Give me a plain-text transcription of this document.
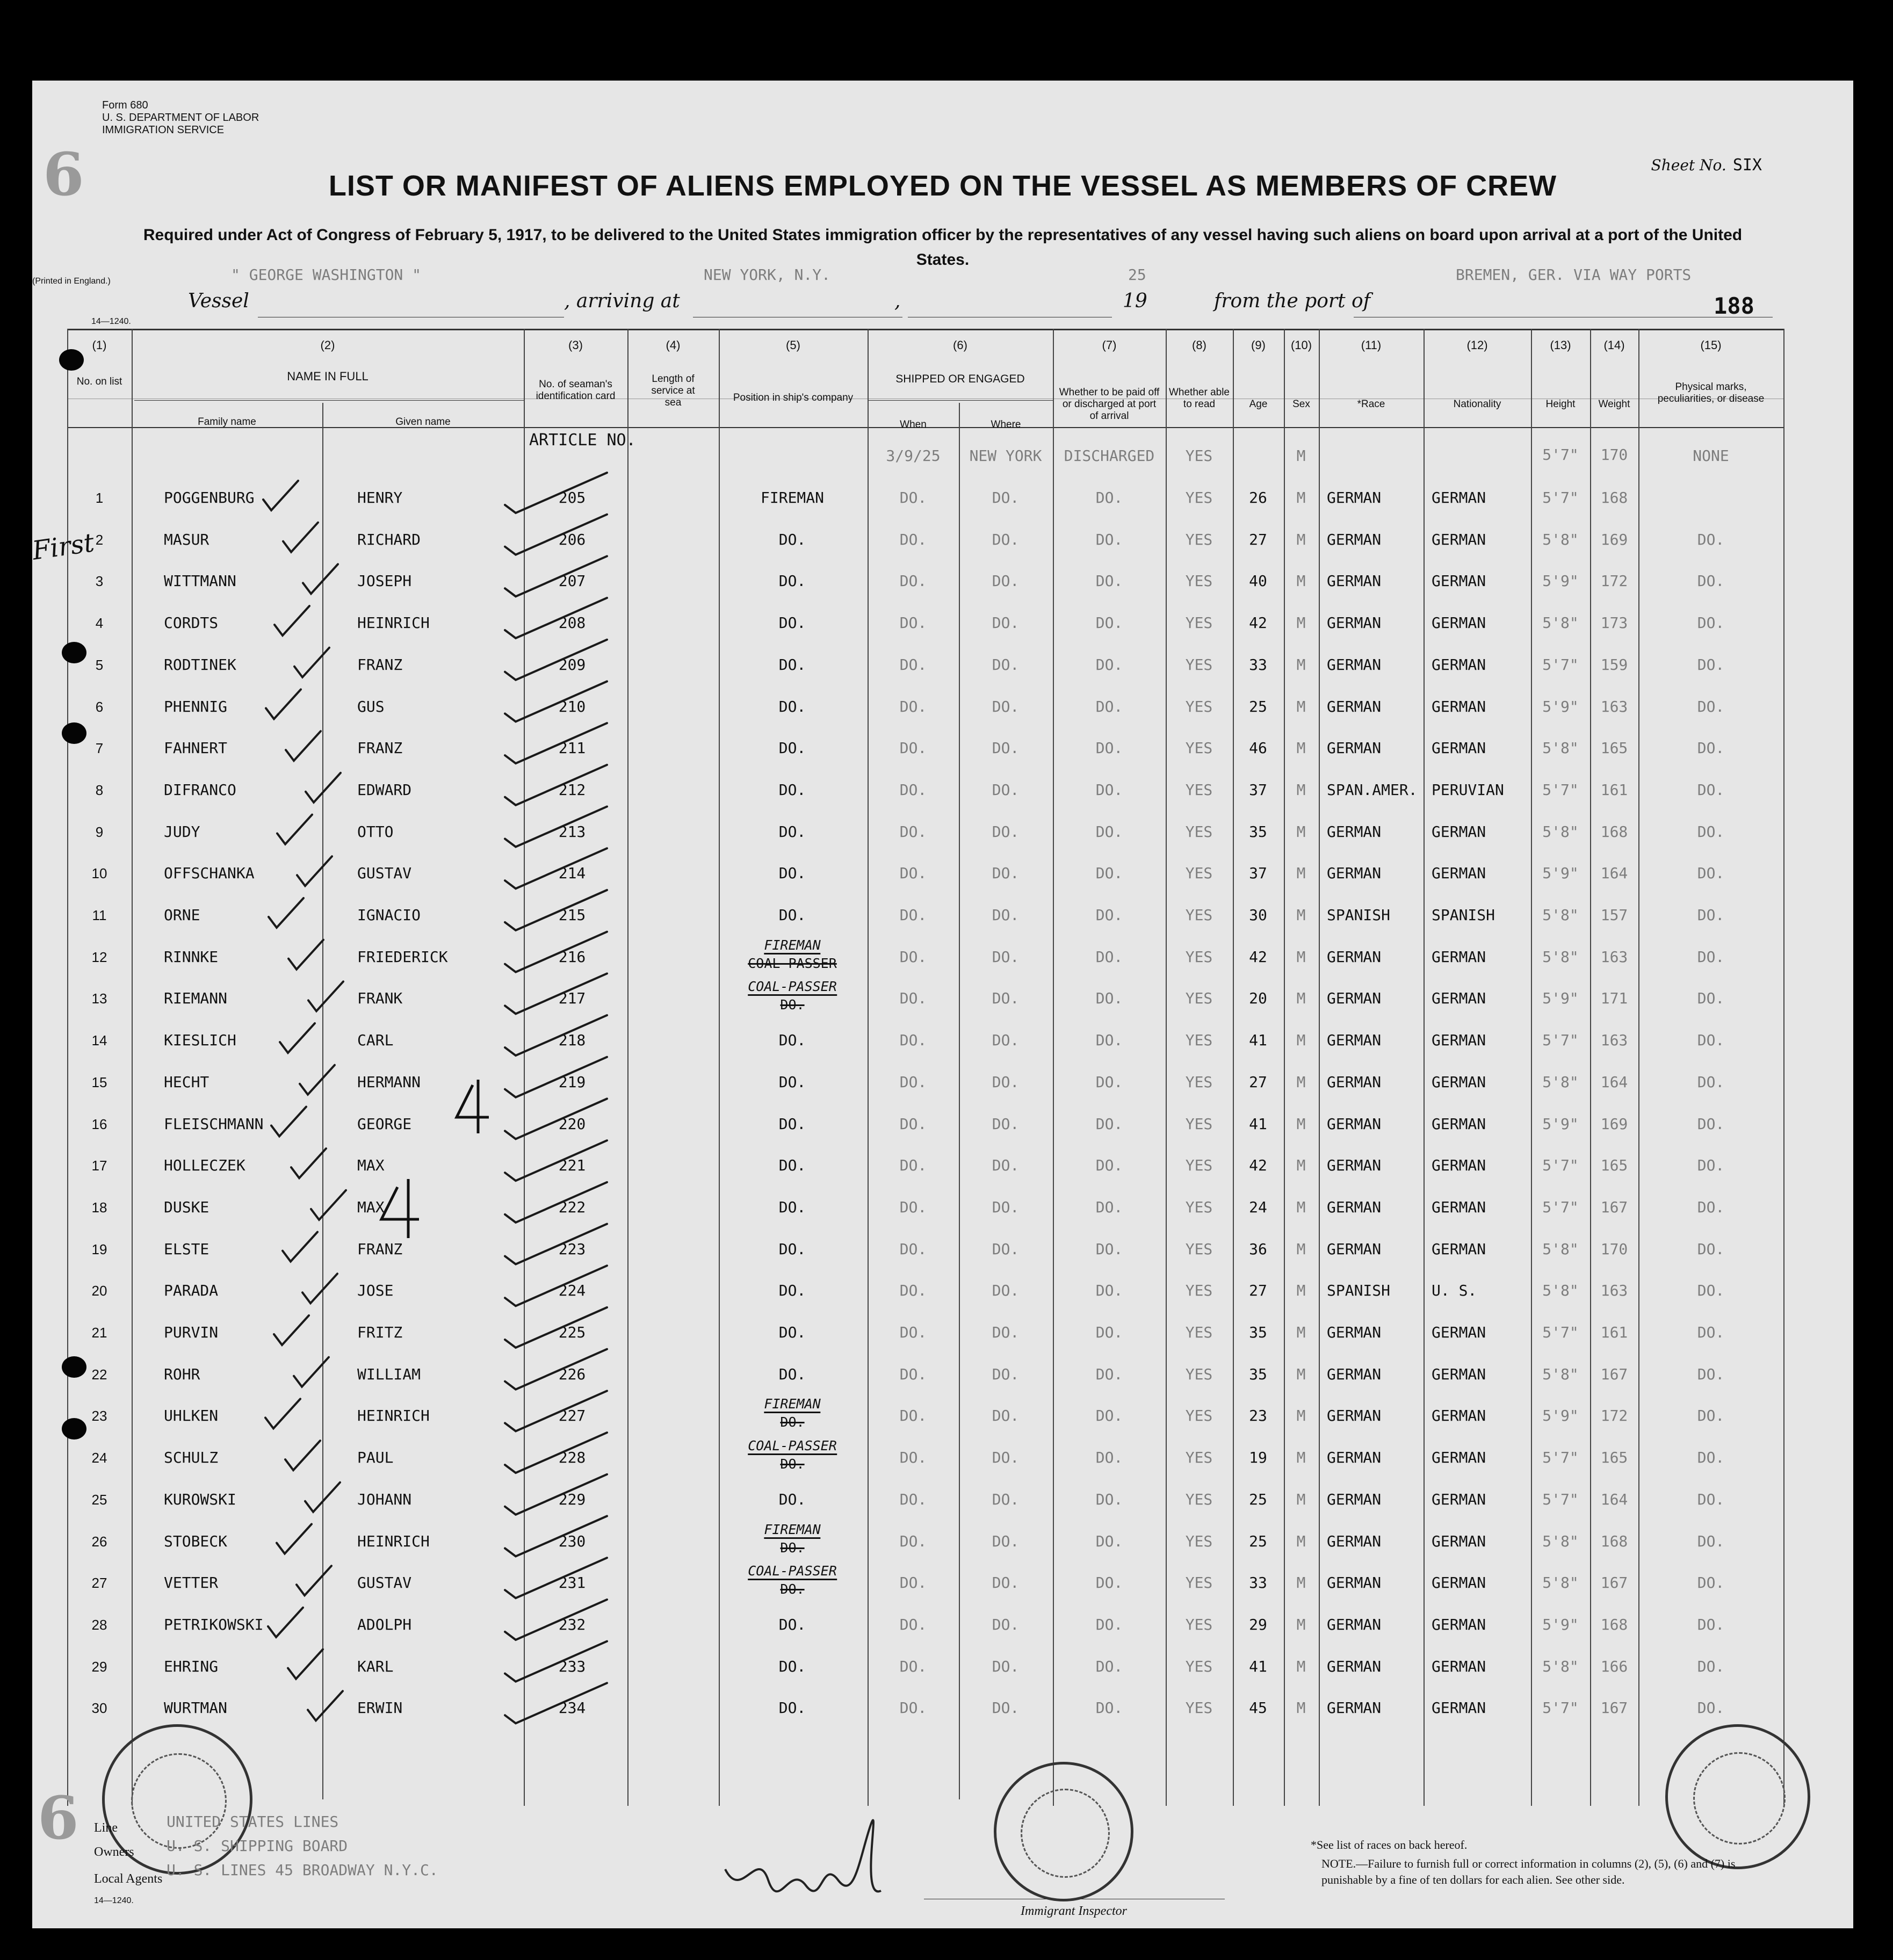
Form 680
U. S. DEPARTMENT OF LABOR
IMMIGRATION SERVICE
6
(Printed in England.)
14—1240.
Sheet No. SIX
LIST OR MANIFEST OF ALIENS EMPLOYED ON THE VESSEL AS MEMBERS OF CREW
Required under Act of Congress of February 5, 1917, to be delivered to the United States immigration officer by the representatives of any vessel having such aliens on board upon arrival at a port of the United States.
" GEORGE WASHINGTON "	NEW YORK, N.Y.	25	BREMEN, GER. VIA WAY PORTS
Vessel	, arriving at	,	19	from the port of	188
(1)
No. on list
(2)
NAME IN FULL
Family name	Given name
(3)
No. of seaman's identification card
(4)
Length of service at sea
(5)
Position in ship's company
(6)
SHIPPED OR ENGAGED
When	Where
(7)
Whether to be paid off or discharged at port of arrival
(8)
Whether able to read
(9)
Age
(10)
Sex
(11)
*Race
(12)
Nationality
(13)
Height
(14)
Weight
(15)
Physical marks, peculiarities, or disease
ARTICLE NO.
3/9/25 NEW YORK DISCHARGED YES	M	5'7" 170	NONE
1	POGGENBURG	HENRY	205	FIREMAN	DO.	DO.	DO.	YES 26 M GERMAN	GERMAN	5'7" 168
2	MASUR	RICHARD	206	DO.	DO.	DO.	DO.	YES 27 M GERMAN	GERMAN	5'8" 169	DO.
3	WITTMANN	JOSEPH	207	DO.	DO.	DO.	DO.	YES 40 M GERMAN	GERMAN	5'9" 172	DO.
4	CORDTS	HEINRICH	208	DO.	DO.	DO.	DO.	YES 42 M GERMAN	GERMAN	5'8" 173	DO.
5	RODTINEK	FRANZ	209	DO.	DO.	DO.	DO.	YES 33 M GERMAN	GERMAN	5'7" 159	DO.
6	PHENNIG	GUS	210	DO.	DO.	DO.	DO.	YES 25 M GERMAN	GERMAN	5'9" 163	DO.
7	FAHNERT	FRANZ	211	DO.	DO.	DO.	DO.	YES 46 M GERMAN	GERMAN	5'8" 165	DO.
8	DIFRANCO	EDWARD	212	DO.	DO.	DO.	DO.	YES 37 M SPAN.AMER. PERUVIAN	5'7" 161	DO.
9	JUDY	OTTO	213	DO.	DO.	DO.	DO.	YES 35 M GERMAN	GERMAN	5'8" 168	DO.
10	OFFSCHANKA	GUSTAV	214	DO.	DO.	DO.	DO.	YES 37 M GERMAN	GERMAN	5'9" 164	DO.
11	ORNE	IGNACIO	215	DO.	DO.	DO.	DO.	YES 30 M SPANISH	SPANISH	5'8" 157	DO.
12	RINNKE	FRIEDERICK	216	COAL PASSER
FIREMAN
DO.	DO.	DO.	YES 42 M GERMAN	GERMAN	5'8" 163	DO.
13	RIEMANN	FRANK	217	DO.
COAL-PASSER
DO.	DO.	DO.	YES 20 M GERMAN	GERMAN	5'9" 171	DO.
14	KIESLICH	CARL	218	DO.	DO.	DO.	DO.	YES 41 M GERMAN	GERMAN	5'7" 163	DO.
15	HECHT	HERMANN	219	DO.	DO.	DO.	DO.	YES 27 M GERMAN	GERMAN	5'8" 164	DO.
16	FLEISCHMANN	GEORGE	220	DO.	DO.	DO.	DO.	YES 41 M GERMAN	GERMAN	5'9" 169	DO.
17	HOLLECZEK	MAX	221	DO.	DO.	DO.	DO.	YES 42 M GERMAN	GERMAN	5'7" 165	DO.
18	DUSKE	MAX	222	DO.	DO.	DO.	DO.	YES 24 M GERMAN	GERMAN	5'7" 167	DO.
19	ELSTE	FRANZ	223	DO.	DO.	DO.	DO.	YES 36 M GERMAN	GERMAN	5'8" 170	DO.
20	PARADA	JOSE	224	DO.	DO.	DO.	DO.	YES 27 M SPANISH	U. S.	5'8" 163	DO.
21	PURVIN	FRITZ	225	DO.	DO.	DO.	DO.	YES 35 M GERMAN	GERMAN	5'7" 161	DO.
22	ROHR	WILLIAM	226	DO.	DO.	DO.	DO.	YES 35 M GERMAN	GERMAN	5'8" 167	DO.
23	UHLKEN	HEINRICH	227	DO.
FIREMAN
DO.	DO.	DO.	YES 23 M GERMAN	GERMAN	5'9" 172	DO.
24	SCHULZ	PAUL	228	DO.
COAL-PASSER
DO.	DO.	DO.	YES 19 M GERMAN	GERMAN	5'7" 165	DO.
25	KUROWSKI	JOHANN	229	DO.	DO.	DO.	DO.	YES 25 M GERMAN	GERMAN	5'7" 164	DO.
26	STOBECK	HEINRICH	230	DO.
FIREMAN
DO.	DO.	DO.	YES 25 M GERMAN	GERMAN	5'8" 168	DO.
27	VETTER	GUSTAV	231	DO.
COAL-PASSER
DO.	DO.	DO.	YES 33 M GERMAN	GERMAN	5'8" 167	DO.
28	PETRIKOWSKI	ADOLPH	232	DO.	DO.	DO.	DO.	YES 29 M GERMAN	GERMAN	5'9" 168	DO.
29	EHRING	KARL	233	DO.	DO.	DO.	DO.	YES 41 M GERMAN	GERMAN	5'8" 166	DO.
30	WURTMAN	ERWIN	234	DO.	DO.	DO.	DO.	YES 45 M GERMAN	GERMAN	5'7" 167	DO.
First
6 Line	UNITED STATES LINES
Owners U. S. SHIPPING BOARD
Local Agents U. S. LINES 45 BROADWAY N.Y.C.
14—1240.
Immigrant Inspector
*See list of races on back hereof.
NOTE.—Failure to furnish full or correct information in columns (2), (5), (6) and (7) is punishable by a fine of ten dollars for each alien. See other side.
